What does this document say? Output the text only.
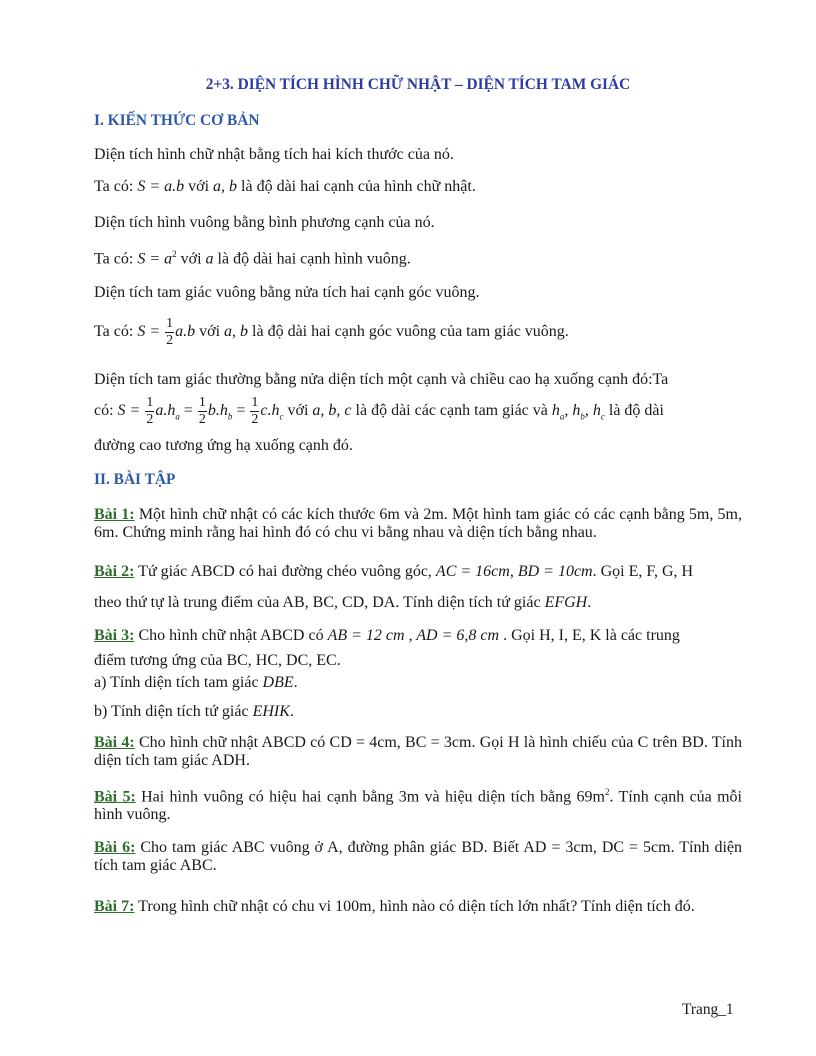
2+3. DIỆN TÍCH HÌNH CHỮ NHẬT – DIỆN TÍCH TAM GIÁC
I. KIẾN THỨC CƠ BẢN
Diện tích hình chữ nhật bằng tích hai kích thước của nó.
Ta có: S = a.b với a, b là độ dài hai cạnh của hình chữ nhật.
Diện tích hình vuông bằng bình phương cạnh của nó.
Ta có: $S = a^2$ với a là độ dài hai cạnh hình vuông.
Diện tích tam giác vuông bằng nửa tích hai cạnh góc vuông.
Ta có: $S = \frac{1}{2} a.b$ với a, b là độ dài hai cạnh góc vuông của tam giác vuông.
Diện tích tam giác thường bằng nửa diện tích một cạnh và chiều cao hạ xuống cạnh đó:Ta
có: $S = \frac{1}{2} a.h_a = \frac{1}{2} b.h_b = \frac{1}{2} c.h_c$ với a, b, c là độ dài các cạnh tam giác và $h_a$, $h_b$, $h_c$ là độ dài
đường cao tương ứng hạ xuống cạnh đó.
II. BÀI TẬP
Bài 1: Một hình chữ nhật có các kích thước 6m và 2m. Một hình tam giác có các cạnh bằng 5m, 5m, 6m. Chứng minh rằng hai hình đó có chu vi bằng nhau và diện tích bằng nhau.
Bài 2: Tứ giác ABCD có hai đường chéo vuông góc, AC = 16cm, BD = 10cm. Gọi E, F, G, H
theo thứ tự là trung điểm của AB, BC, CD, DA. Tính diện tích tứ giác EFGH.
Bài 3: Cho hình chữ nhật ABCD có AB = 12 cm , AD = 6,8 cm . Gọi H, I, E, K là các trung
điểm tương ứng của BC, HC, DC, EC.
a) Tính diện tích tam giác DBE.
b) Tính diện tích tứ giác EHIK.
Bài 4: Cho hình chữ nhật ABCD có CD = 4cm, BC = 3cm. Gọi H là hình chiếu của C trên BD. Tính diện tích tam giác ADH.
Bài 5: Hai hình vuông có hiệu hai cạnh bằng 3m và hiệu diện tích bằng $69m^2$. Tính cạnh của mỗi hình vuông.
Bài 6: Cho tam giác ABC vuông ở A, đường phân giác BD. Biết AD = 3cm, DC = 5cm. Tính diện tích tam giác ABC.
Bài 7: Trong hình chữ nhật có chu vi 100m, hình nào có diện tích lớn nhất? Tính diện tích đó.
Trang_1
